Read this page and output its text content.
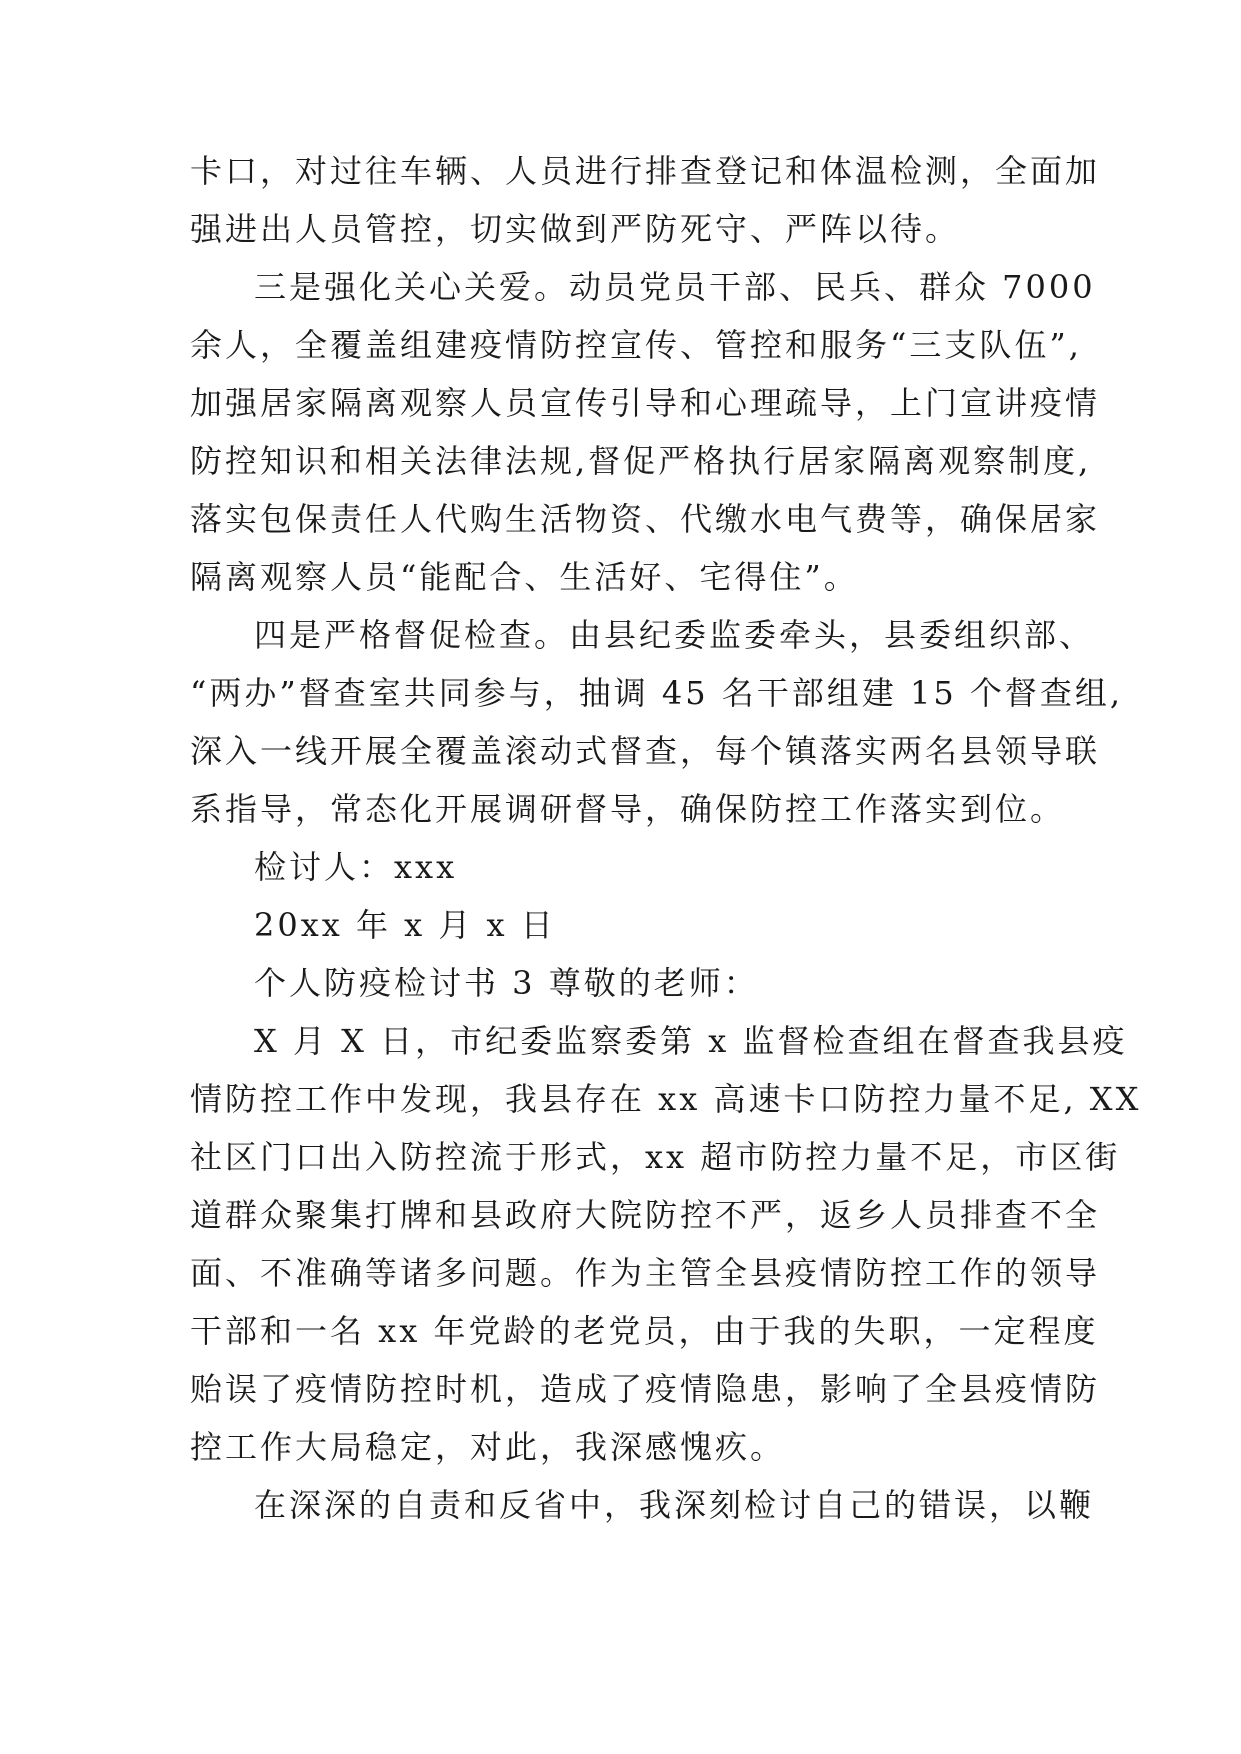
卡口，对过往车辆、人员进行排查登记和体温检测，全面加
强进出人员管控，切实做到严防死守、严阵以待。
三是强化关心关爱。动员党员干部、民兵、群众 7000
余人，全覆盖组建疫情防控宣传、管控和服务“三支队伍”,
加强居家隔离观察人员宣传引导和心理疏导，上门宣讲疫情
防控知识和相关法律法规,督促严格执行居家隔离观察制度,
落实包保责任人代购生活物资、代缴水电气费等，确保居家
隔离观察人员“能配合、生活好、宅得住”。
四是严格督促检查。由县纪委监委牵头，县委组织部、
“两办”督查室共同参与，抽调 45 名干部组建 15 个督查组,
深入一线开展全覆盖滚动式督查，每个镇落实两名县领导联
系指导，常态化开展调研督导，确保防控工作落实到位。
检讨人：xxx
20xx 年 x 月 x 日
个人防疫检讨书 3 尊敬的老师：
X 月 X 日，市纪委监察委第 x 监督检查组在督查我县疫
情防控工作中发现，我县存在 xx 高速卡口防控力量不足, XX
社区门口出入防控流于形式，xx 超市防控力量不足，市区街
道群众聚集打牌和县政府大院防控不严，返乡人员排查不全
面、不准确等诸多问题。作为主管全县疫情防控工作的领导
干部和一名 xx 年党龄的老党员，由于我的失职，一定程度
贻误了疫情防控时机，造成了疫情隐患，影响了全县疫情防
控工作大局稳定，对此，我深感愧疚。
在深深的自责和反省中，我深刻检讨自己的错误，以鞭
